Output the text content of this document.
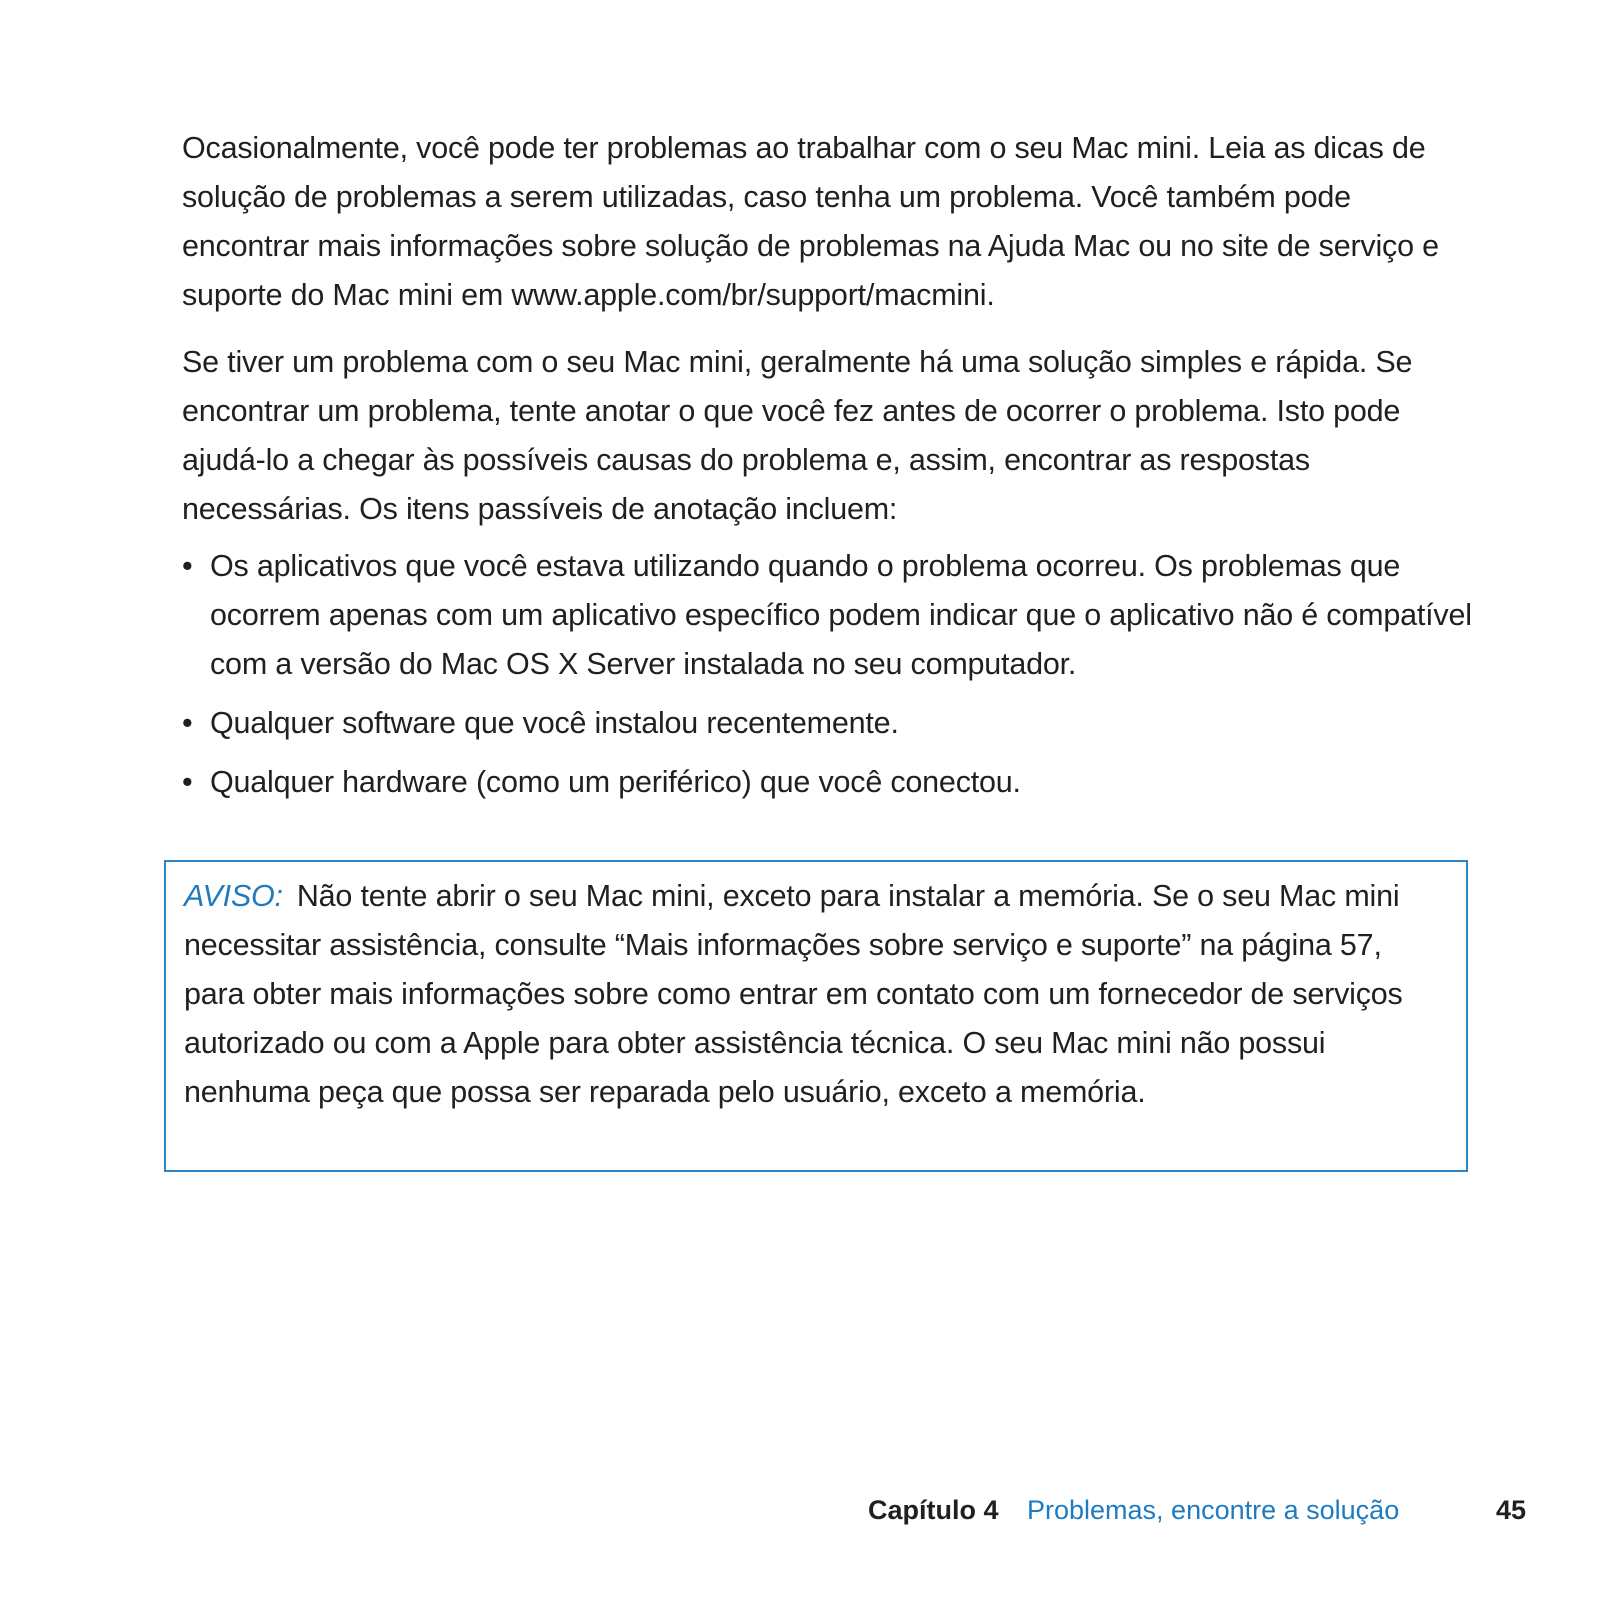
Ocasionalmente, você pode ter problemas ao trabalhar com o seu Mac mini. Leia as dicas de solução de problemas a serem utilizadas, caso tenha um problema. Você também pode encontrar mais informações sobre solução de problemas na Ajuda Mac ou no site de serviço e suporte do Mac mini em www.apple.com/br/support/macmini.

Se tiver um problema com o seu Mac mini, geralmente há uma solução simples e rápida. Se encontrar um problema, tente anotar o que você fez antes de ocorrer o problema. Isto pode ajudá-lo a chegar às possíveis causas do problema e, assim, encontrar as respostas necessárias. Os itens passíveis de anotação incluem:

• Os aplicativos que você estava utilizando quando o problema ocorreu. Os problemas que ocorrem apenas com um aplicativo específico podem indicar que o aplicativo não é compatível com a versão do Mac OS X Server instalada no seu computador.
• Qualquer software que você instalou recentemente.
• Qualquer hardware (como um periférico) que você conectou.

AVISO: Não tente abrir o seu Mac mini, exceto para instalar a memória. Se o seu Mac mini necessitar assistência, consulte “Mais informações sobre serviço e suporte” na página 57, para obter mais informações sobre como entrar em contato com um fornecedor de serviços autorizado ou com a Apple para obter assistência técnica. O seu Mac mini não possui nenhuma peça que possa ser reparada pelo usuário, exceto a memória.

Capítulo 4 Problemas, encontre a solução	45
